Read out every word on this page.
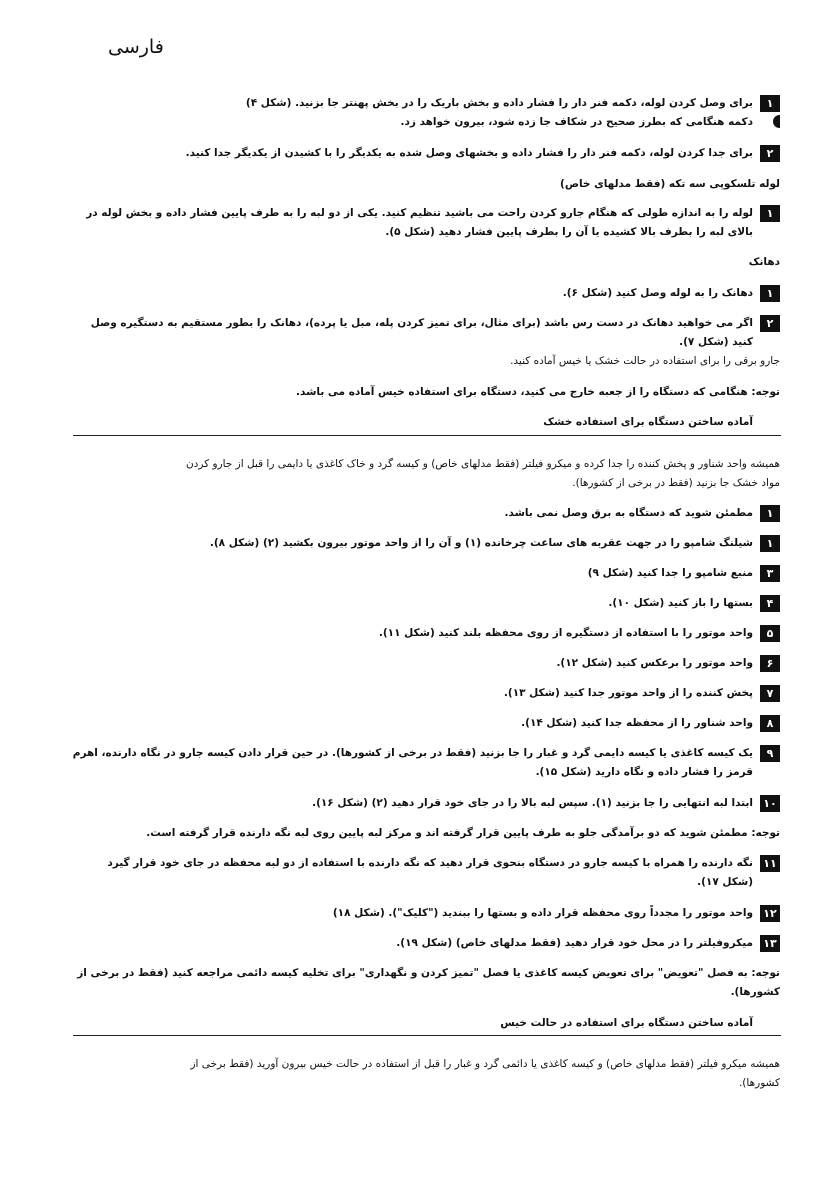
فارسی
۱
برای وصل کردن لوله، دکمه فنر دار را فشار داده و بخش باریک را در بخش پهنتر جا بزنید. (شکل ۴)
دکمه هنگامی که بطرز صحیح در شکاف جا زده شود، بیرون خواهد زد.
۲
برای جدا کردن لوله، دکمه فنر دار را فشار داده و بخشهای وصل شده به یکدیگر را با کشیدن از یکدیگر جدا کنید.
لوله تلسکوپی سه تکه (فقط مدلهای خاص)
۱
لوله را به اندازه طولی که هنگام جارو کردن راحت می باشید تنظیم کنید. یکی از دو لبه را به طرف پایین فشار داده و بخش لوله در
بالای لبه را بطرف بالا کشیده یا آن را بطرف پایین فشار دهید (شکل ۵).
دهانک
۱
دهانک را به لوله وصل کنید (شکل ۶).
۲
اگر می خواهید دهانک در دست رس باشد (برای مثال، برای تمیز کردن پله، مبل یا پرده)، دهانک را بطور مستقیم به دستگیره وصل
کنید (شکل ۷).
جارو برقی را برای استفاده در حالت خشک یا خیس آماده کنید.
توجه: هنگامی که دستگاه را از جعبه خارج می کنید، دستگاه برای استفاده خیس آماده می باشد.
آماده ساختن دستگاه برای استفاده خشک
همیشه واحد شناور و پخش کننده را جدا کرده و میکرو فیلتر (فقط مدلهای خاص) و کیسه گرد و خاک کاغذی یا دایمی را قبل از جارو کردن
مواد خشک جا بزنید (فقط در برخی از کشورها).
۱
مطمئن شوید که دستگاه به برق وصل نمی باشد.
۱
شیلنگ شامپو را در جهت عقربه های ساعت چرخانده (۱) و آن را از واحد موتور بیرون بکشید (۲) (شکل ۸).
۳
منبع شامپو را جدا کنید (شکل ۹)
۴
بستها را باز کنید (شکل ۱۰).
۵
واحد موتور را با استفاده از دستگیره از روی محفظه بلند کنید (شکل ۱۱).
۶
واحد موتور را برعکس کنید (شکل ۱۲).
۷
پخش کننده را از واحد موتور جدا کنید (شکل ۱۳).
۸
واحد شناور را از محفظه جدا کنید (شکل ۱۴).
۹
یک کیسه کاغذی یا کیسه دایمی گرد و غبار را جا بزنید (فقط در برخی از کشورها). در حین قرار دادن کیسه جارو در نگاه دارنده، اهرم
قرمز را فشار داده و نگاه دارید (شکل ۱۵).
۱۰
ابتدا لبه انتهایی را جا بزنید (۱). سپس لبه بالا را در جای خود قرار دهید (۲) (شکل ۱۶).
توجه: مطمئن شوید که دو برآمدگی جلو به طرف پایین قرار گرفته اند و مرکز لبه پایین روی لبه نگه دارنده قرار گرفته است.
۱۱
نگه دارنده را همراه با کیسه جارو در دستگاه بنحوی قرار دهید که نگه دارنده با استفاده از دو لبه محفظه در جای خود قرار گیرد
(شکل ۱۷).
۱۲
واحد موتور را مجدداً روی محفظه قرار داده و بستها را ببندید ("کلیک"). (شکل ۱۸)
۱۳
میکروفیلتر را در محل خود قرار دهید (فقط مدلهای خاص) (شکل ۱۹).
توجه: به فصل "تعویض" برای تعویض کیسه کاغذی یا فصل "تمیز کردن و نگهداری" برای تخلیه کیسه دائمی مراجعه کنید (فقط در برخی از
کشورها).
آماده ساختن دستگاه برای استفاده در حالت خیس
همیشه میکرو فیلتر (فقط مدلهای خاص) و کیسه کاغذی یا دائمی گرد و غبار را قبل از استفاده در حالت خیس بیرون آورید (فقط برخی از
کشورها).
